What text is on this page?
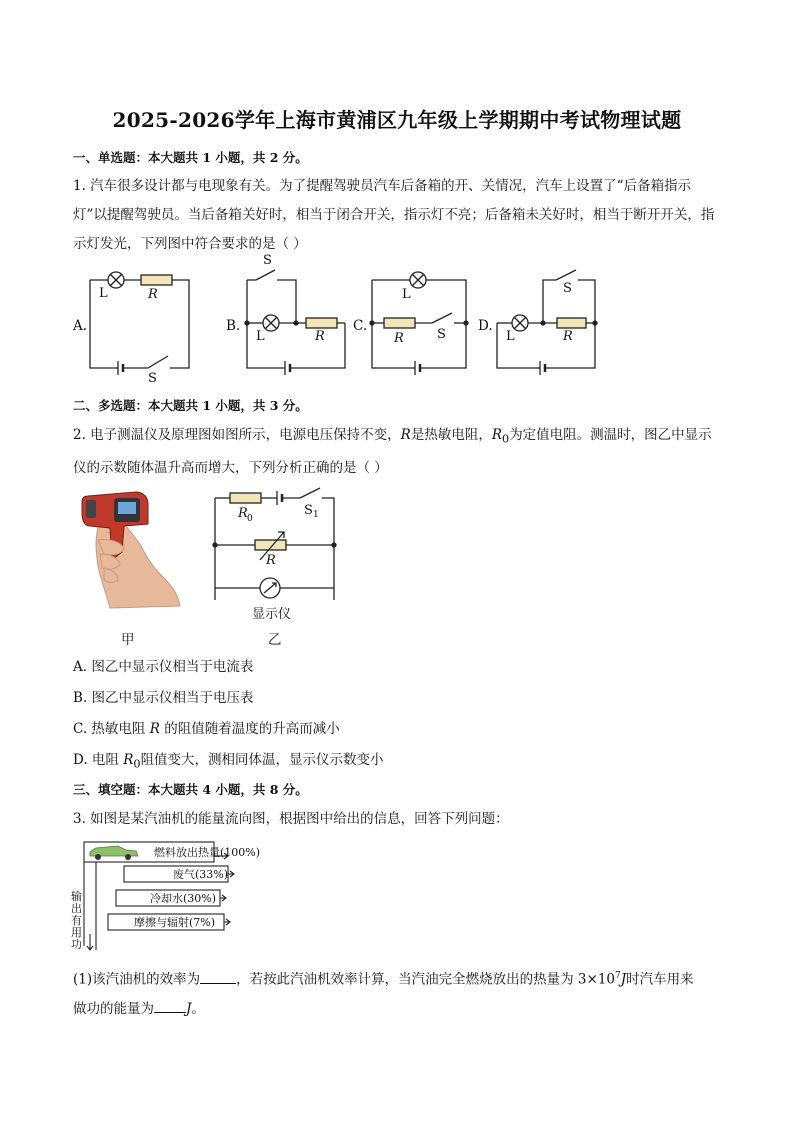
2025-2026学年上海市黄浦区九年级上学期期中考试物理试题
一、单选题：本大题共 1 小题，共 2 分。
1. 汽车很多设计都与电现象有关。为了提醒驾驶员汽车后备箱的开、关情况，汽车上设置了“后备箱指示灯”以提醒驾驶员。当后备箱关好时，相当于闭合开关，指示灯不亮；后备箱未关好时，相当于断开开关，指示灯发光，下列图中符合要求的是（ ）
A.	B.	C.	D.
L	R
S
S
L	R
L
R	S
S
L	R
二、多选题：本大题共 1 小题，共 3 分。
2. 电子测温仪及原理图如图所示，电源电压保持不变，R是热敏电阻，$R_0$为定值电阻。测温时，图乙中显示仪的示数随体温升高而增大，下列分析正确的是（ ）
R 0
S 1
R
显示仪
甲	乙
A. 图乙中显示仪相当于电流表
B. 图乙中显示仪相当于电压表
C. 热敏电阻 R 的阻值随着温度的升高而减小
D. 电阻 $R_0$阻值变大，测相同体温，显示仪示数变小
三、填空题：本大题共 4 小题，共 8 分。
3. 如图是某汽油机的能量流向图，根据图中给出的信息，回答下列问题：
燃料放出热量(100%)
废气(33%)
冷却水(30%)
摩擦与辐射(7%)
输
出
有
用
功
(1)该汽油机的效率为	，若按此汽油机效率计算，当汽油完全燃烧放出的热量为 $3\times 10^7J$时汽车用来
做功的能量为 J。
